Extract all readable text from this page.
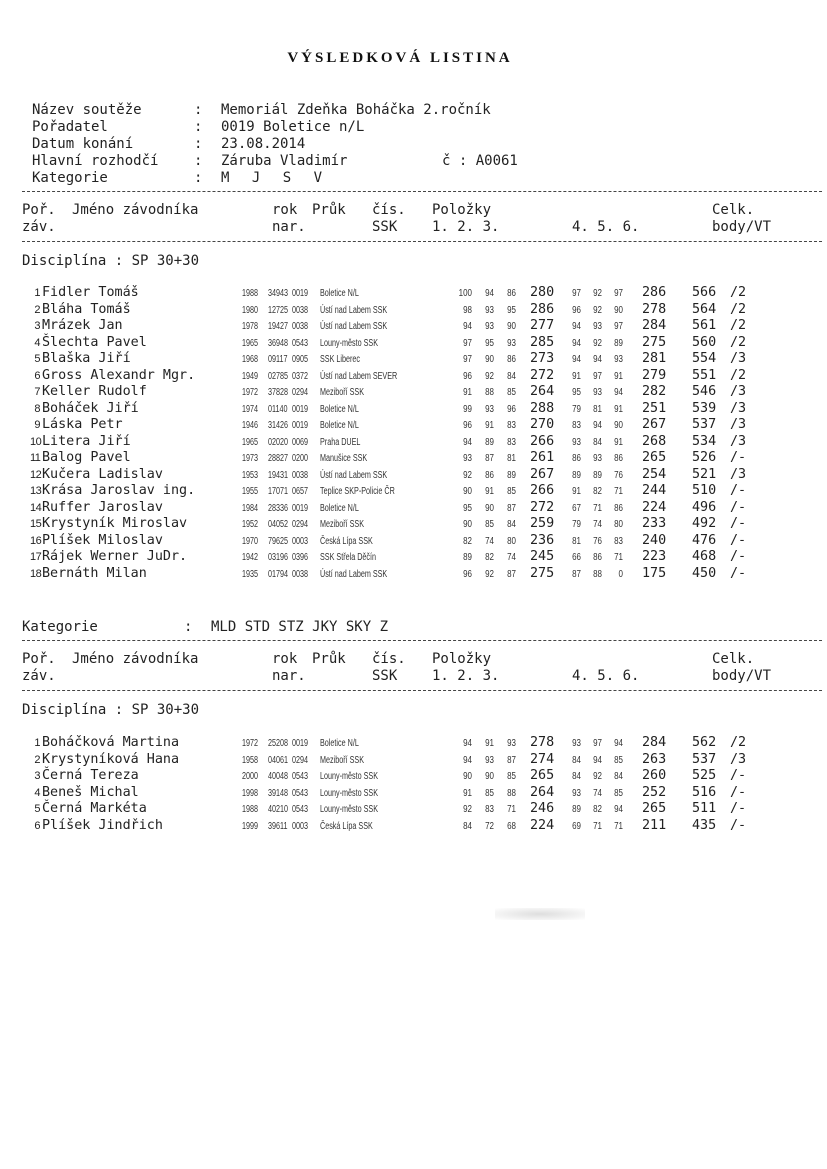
VÝSLEDKOVÁ LISTINA
Název soutěže	: Memoriál Zdeňka Boháčka 2.ročník
Pořadatel	: 0019 Boletice n/L
Datum konání	: 23.08.2014
Hlavní rozhodčí	: Záruba Vladimír	č : A0061
Kategorie	: M J S V
Poř.
záv.
Jméno závodníka	rok
nar.
Průk čís.
SSK
Položky
1. 2. 3.	4. 5. 6.
Celk.
body/VT
Disciplína : SP 30+30
1 Fidler Tomáš	1988 34943 0019 Boletice N/L	100	94	86 280	97	92	97 286 566 /2
2 Bláha Tomáš	1980 12725 0038 Ústí nad Labem SSK	98	93	95 286	96	92	90 278 564 /2
3 Mrázek Jan	1978 19427 0038 Ústí nad Labem SSK	94	93	90 277	94	93	97 284 561 /2
4 Šlechta Pavel	1965 36948 0543 Louny-město SSK	97	95	93 285	94	92	89 275 560 /2
5 Blaška Jiří	1968 09117 0905 SSK Liberec	97	90	86 273	94	94	93 281 554 /3
6 Gross Alexandr Mgr.	1949 02785 0372 Ústí nad Labem SEVER	96	92	84 272	91	97	91 279 551 /2
7 Keller Rudolf	1972 37828 0294 Meziboří SSK	91	88	85 264	95	93	94 282 546 /3
8 Boháček Jiří	1974 01140 0019 Boletice N/L	99	93	96 288	79	81	91 251 539 /3
9 Láska Petr	1946 31426 0019 Boletice N/L	96	91	83 270	83	94	90 267 537 /3
10 Litera Jiří	1965 02020 0069 Praha DUEL	94	89	83 266	93	84	91 268 534 /3
11 Balog Pavel	1973 28827 0200 Manušice SSK	93	87	81 261	86	93	86 265 526 /-
12 Kučera Ladislav	1953 19431 0038 Ústí nad Labem SSK	92	86	89 267	89	89	76 254 521 /3
13 Krása Jaroslav ing.	1955 17071 0657 Teplice SKP-Policie ČR	90	91	85 266	91	82	71 244 510 /-
14 Ruffer Jaroslav	1984 28336 0019 Boletice N/L	95	90	87 272	67	71	86 224 496 /-
15 Krystyník Miroslav	1952 04052 0294 Meziboří SSK	90	85	84 259	79	74	80 233 492 /-
16 Plíšek Miloslav	1970 79625 0003 Česká Lípa SSK	82	74	80 236	81	76	83 240 476 /-
17 Rájek Werner JuDr.	1942 03196 0396 SSK Střela Děčín	89	82	74 245	66	86	71 223 468 /-
18 Bernáth Milan	1935 01794 0038 Ústí nad Labem SSK	96	92	87 275	87	88	0 175 450 /-
Kategorie	: MLD STD STZ JKY SKY Z
Poř.
záv.
Jméno závodníka	rok
nar.
Průk čís.
SSK
Položky
1. 2. 3.	4. 5. 6.
Celk.
body/VT
Disciplína : SP 30+30
1 Boháčková Martina	1972 25208 0019 Boletice N/L	94	91	93 278	93	97	94 284 562 /2
2 Krystyníková Hana	1958 04061 0294 Meziboří SSK	94	93	87 274	84	94	85 263 537 /3
3 Černá Tereza	2000 40048 0543 Louny-město SSK	90	90	85 265	84	92	84 260 525 /-
4 Beneš Michal	1998 39148 0543 Louny-město SSK	91	85	88 264	93	74	85 252 516 /-
5 Černá Markéta	1988 40210 0543 Louny-město SSK	92	83	71 246	89	82	94 265 511 /-
6 Plíšek Jindřich	1999 39611 0003 Česká Lípa SSK	84	72	68 224	69	71	71 211 435 /-
